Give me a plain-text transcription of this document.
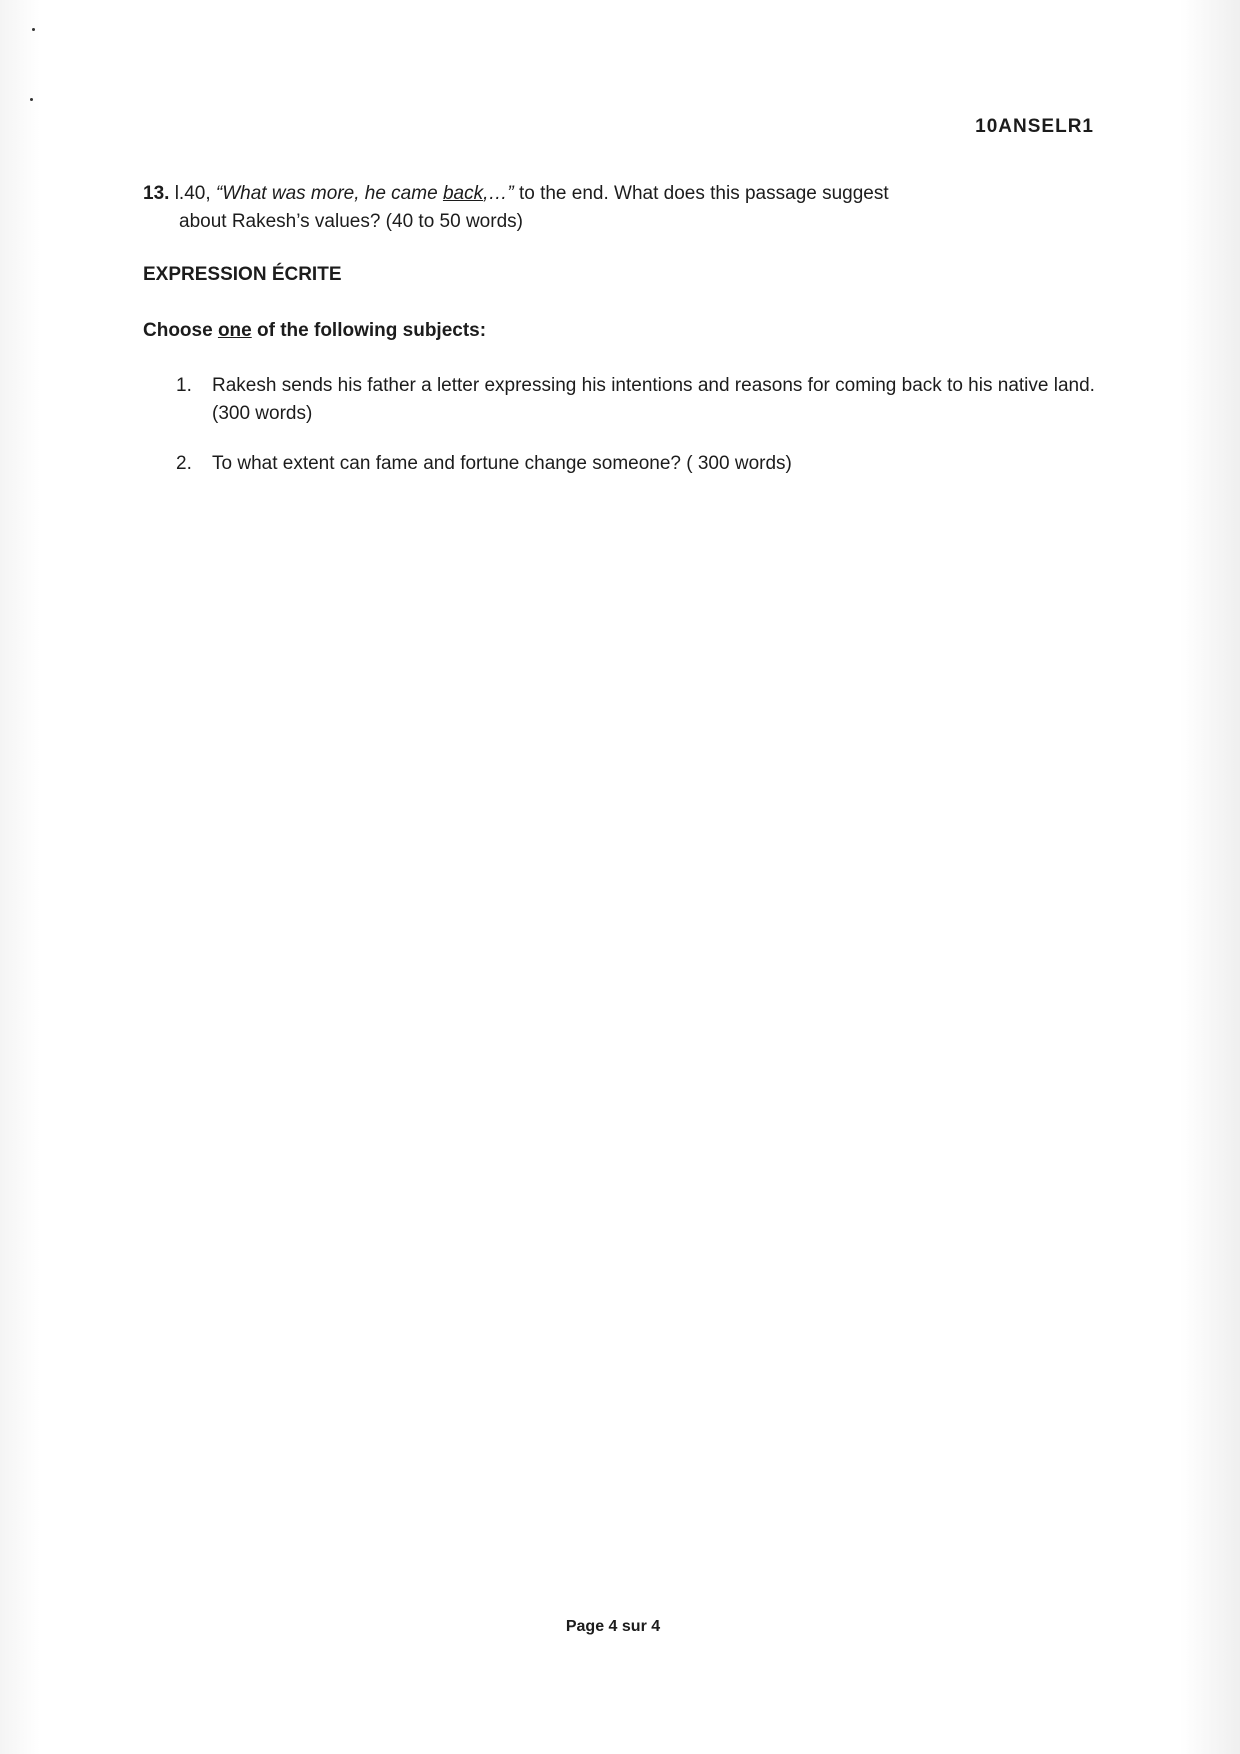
10ANSELR1
13. l.40, “What was more, he came back,…” to the end. What does this passage suggest
about Rakesh’s values? (40 to 50 words)
EXPRESSION ÉCRITE
Choose one of the following subjects:
1.	Rakesh sends his father a letter expressing his intentions and reasons for coming back to his native land. (300 words)
2.	To what extent can fame and fortune change someone? ( 300 words)
Page 4 sur 4
